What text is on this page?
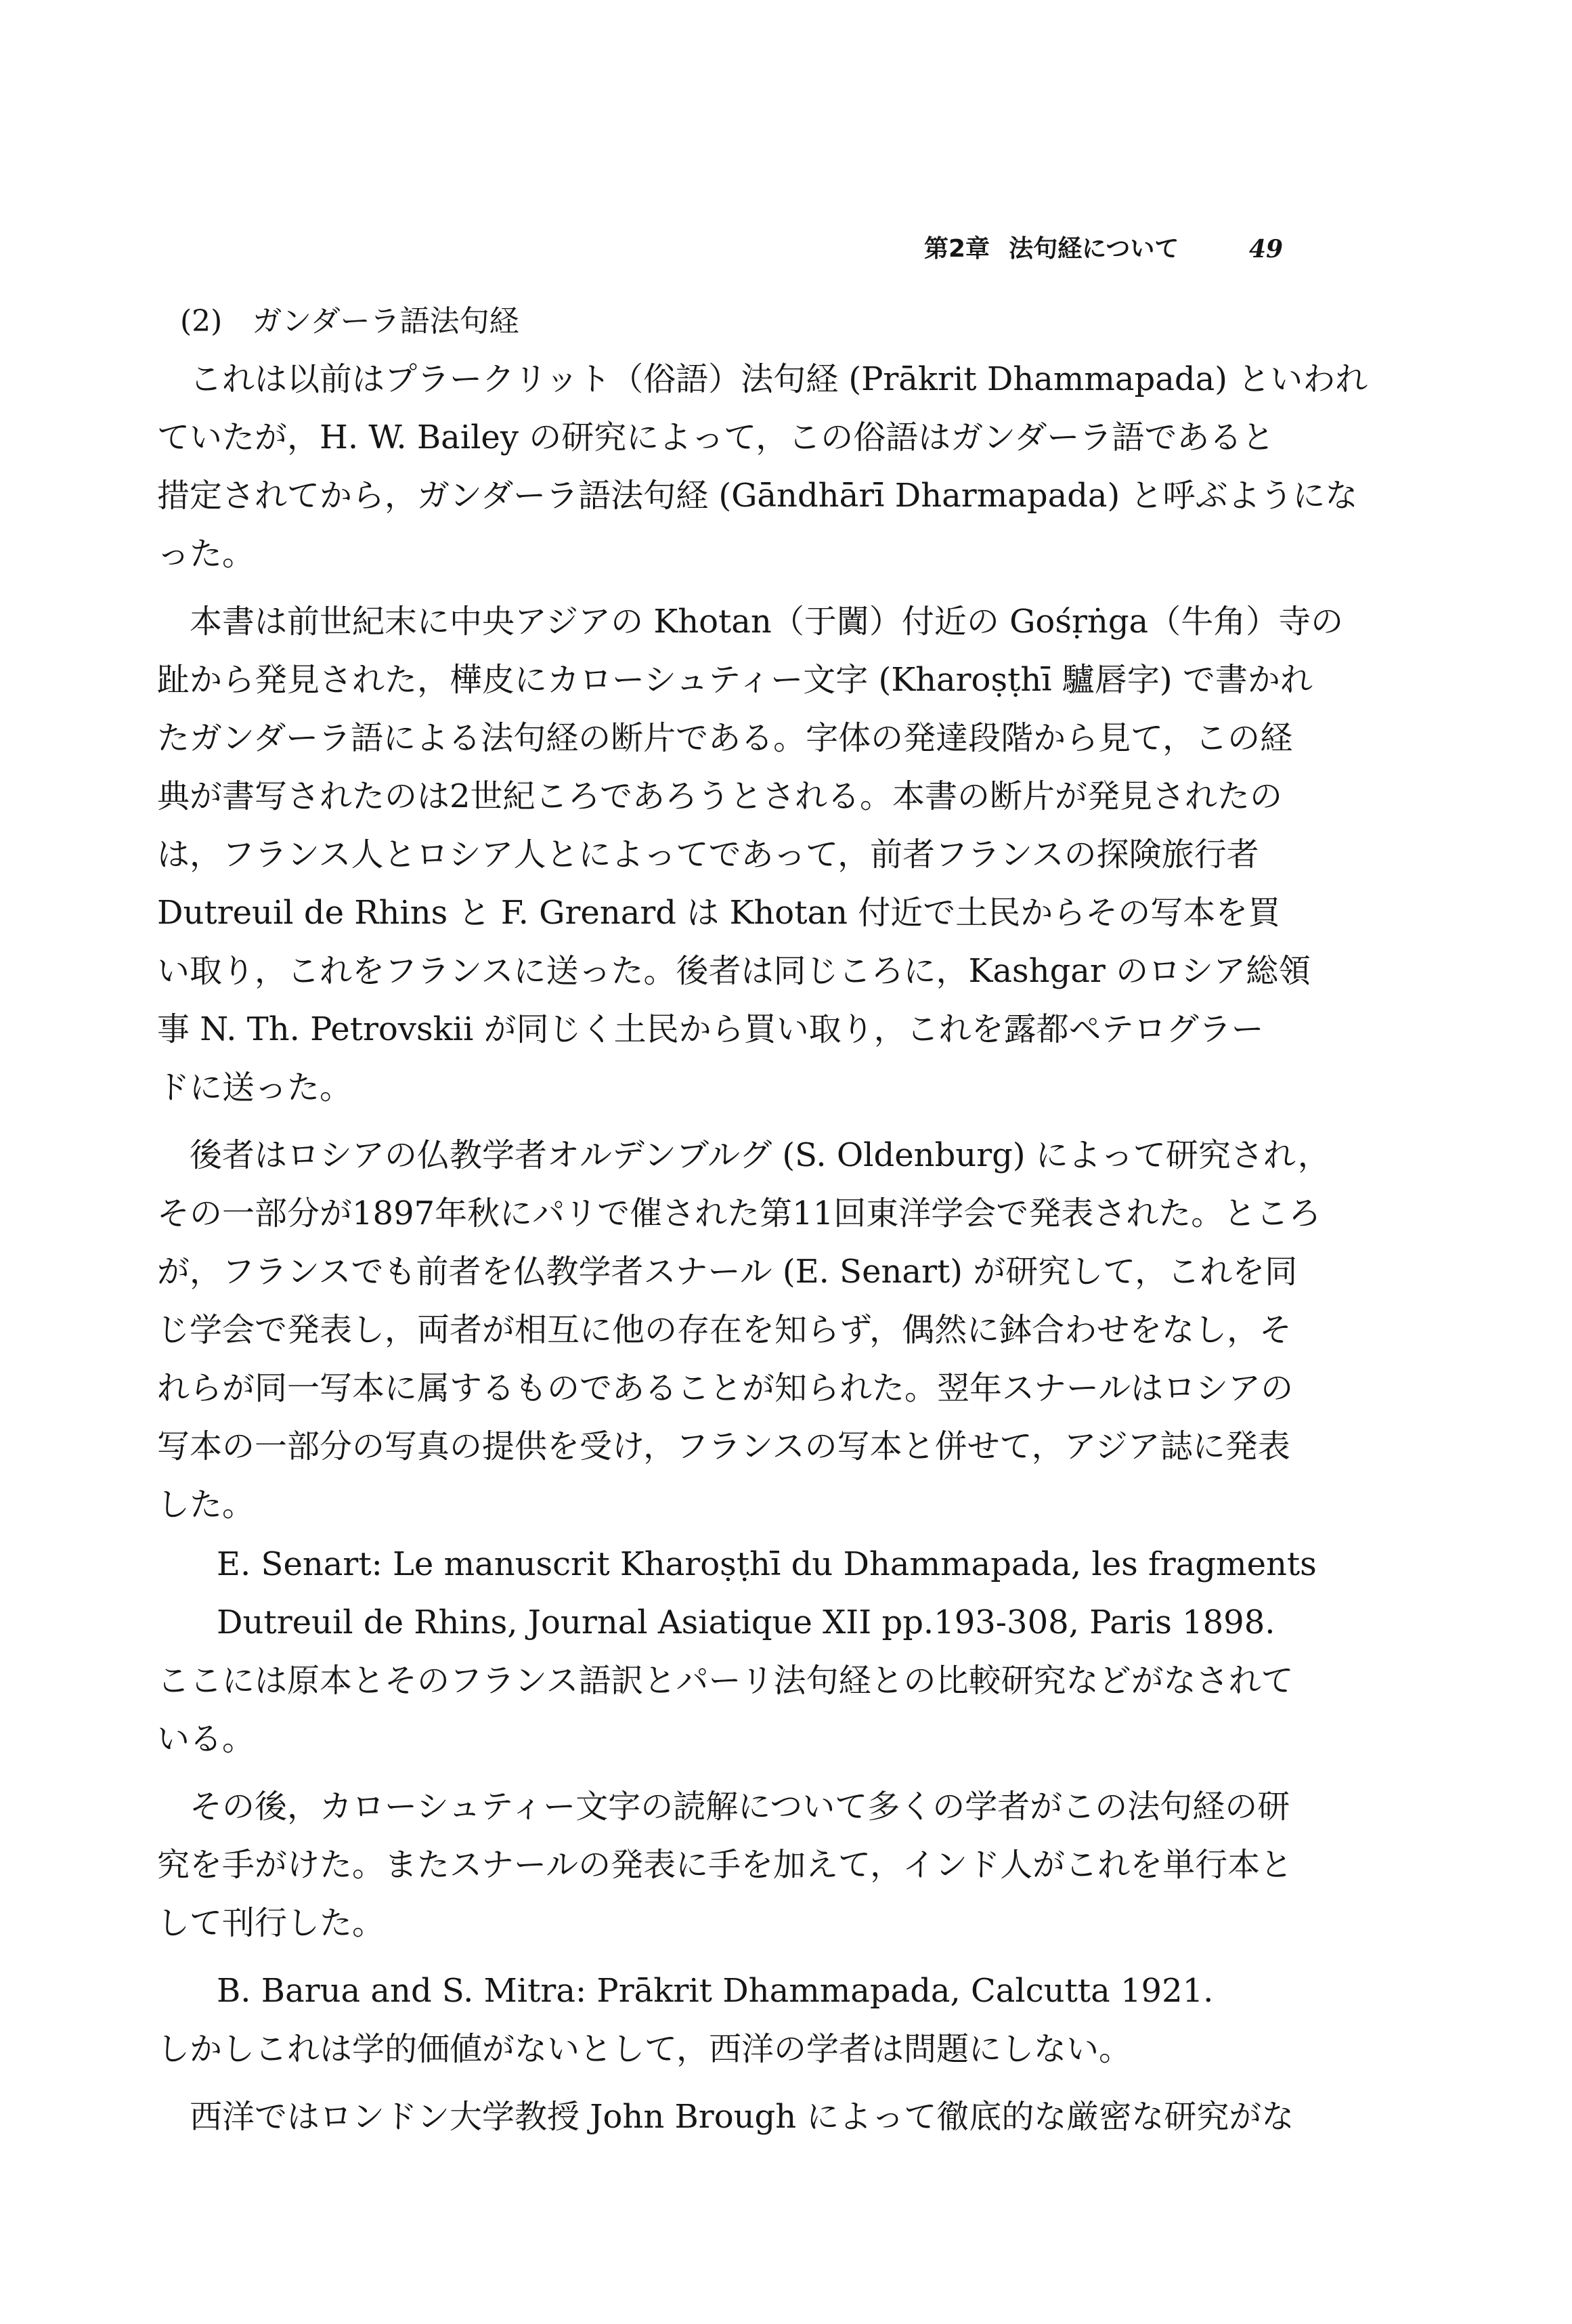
第2章 法句経について	49
(2)　ガンダーラ語法句経
　これは以前はプラークリット（俗語）法句経 (Prākrit Dhammapada) といわれ
ていたが，H. W. Bailey の研究によって，この俗語はガンダーラ語であると
措定されてから，ガンダーラ語法句経 (Gāndhārī Dharmapada) と呼ぶようにな
った。
　本書は前世紀末に中央アジアの Khotan（于闐）付近の Gośṛṅga（牛角）寺の
趾から発見された，樺皮にカローシュティー文字 (Kharoṣṭhī 驢唇字) で書かれ
たガンダーラ語による法句経の断片である。字体の発達段階から見て，この経
典が書写されたのは2世紀ころであろうとされる。本書の断片が発見されたの
は，フランス人とロシア人とによってであって，前者フランスの探険旅行者
Dutreuil de Rhins と F. Grenard は Khotan 付近で土民からその写本を買
い取り，これをフランスに送った。後者は同じころに，Kashgar のロシア総領
事 N. Th. Petrovskii が同じく土民から買い取り，これを露都ペテログラー
ドに送った。
　後者はロシアの仏教学者オルデンブルグ (S. Oldenburg) によって研究され，
その一部分が1897年秋にパリで催された第11回東洋学会で発表された。ところ
が，フランスでも前者を仏教学者スナール (E. Senart) が研究して，これを同
じ学会で発表し，両者が相互に他の存在を知らず，偶然に鉢合わせをなし，そ
れらが同一写本に属するものであることが知られた。翌年スナールはロシアの
写本の一部分の写真の提供を受け，フランスの写本と併せて，アジア誌に発表
した。
E. Senart: Le manuscrit Kharoṣṭhī du Dhammapada, les fragments
Dutreuil de Rhins, Journal Asiatique XII pp.193-308, Paris 1898.
ここには原本とそのフランス語訳とパーリ法句経との比較研究などがなされて
いる。
　その後，カローシュティー文字の読解について多くの学者がこの法句経の研
究を手がけた。またスナールの発表に手を加えて，インド人がこれを単行本と
して刊行した。
B. Barua and S. Mitra: Prākrit Dhammapada, Calcutta 1921.
しかしこれは学的価値がないとして，西洋の学者は問題にしない。
　西洋ではロンドン大学教授 John Brough によって徹底的な厳密な研究がな
